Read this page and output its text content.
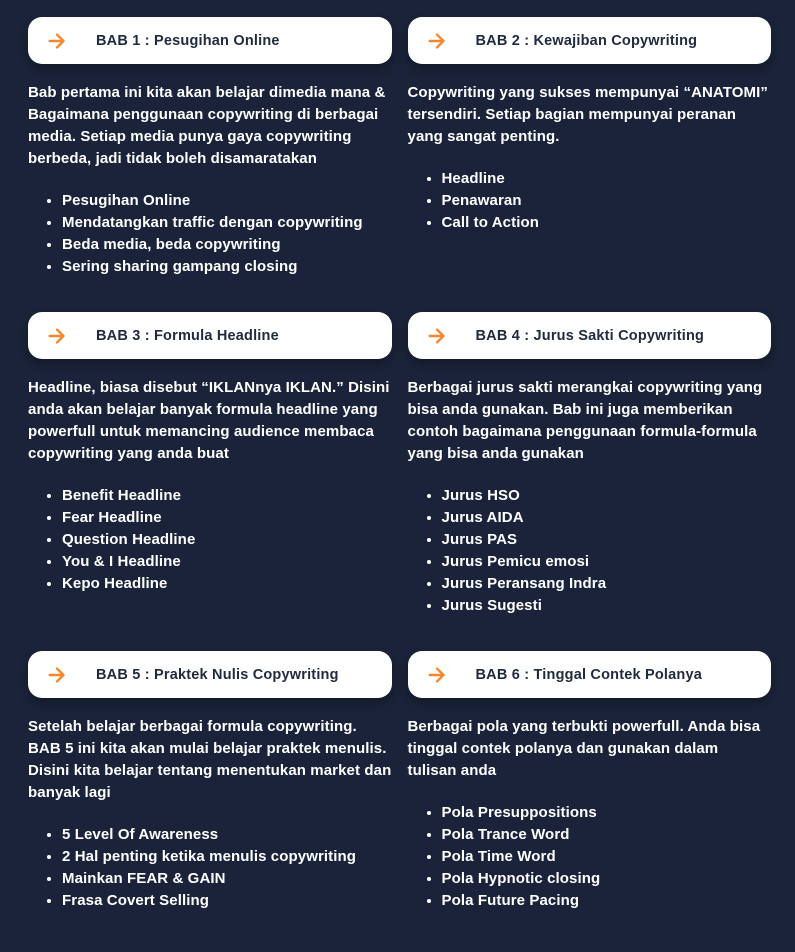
BAB 1 : Pesugihan Online

Bab pertama ini kita akan belajar dimedia mana & Bagaimana penggunaan copywriting di berbagai media. Setiap media punya gaya copywriting berbeda, jadi tidak boleh disamaratakan

• Pesugihan Online
• Mendatangkan traffic dengan copywriting
• Beda media, beda copywriting
• Sering sharing gampang closing
BAB 2 : Kewajiban Copywriting

Copywriting yang sukses mempunyai “ANATOMI” tersendiri. Setiap bagian mempunyai peranan yang sangat penting.

• Headline
• Penawaran
• Call to Action
BAB 3 : Formula Headline

Headline, biasa disebut “IKLANnya IKLAN.” Disini anda akan belajar banyak formula headline yang powerfull untuk memancing audience membaca copywriting yang anda buat

• Benefit Headline
• Fear Headline
• Question Headline
• You & I Headline
• Kepo Headline
BAB 4 : Jurus Sakti Copywriting

Berbagai jurus sakti merangkai copywriting yang bisa anda gunakan. Bab ini juga memberikan contoh bagaimana penggunaan formula-formula yang bisa anda gunakan

• Jurus HSO
• Jurus AIDA
• Jurus PAS
• Jurus Pemicu emosi
• Jurus Peransang Indra
• Jurus Sugesti
BAB 5 : Praktek Nulis Copywriting

Setelah belajar berbagai formula copywriting. BAB 5 ini kita akan mulai belajar praktek menulis. Disini kita belajar tentang menentukan market dan banyak lagi

• 5 Level Of Awareness
• 2 Hal penting ketika menulis copywriting
• Mainkan FEAR & GAIN
• Frasa Covert Selling
BAB 6 : Tinggal Contek Polanya

Berbagai pola yang terbukti powerfull. Anda bisa tinggal contek polanya dan gunakan dalam tulisan anda

• Pola Presuppositions
• Pola Trance Word
• Pola Time Word
• Pola Hypnotic closing
• Pola Future Pacing
